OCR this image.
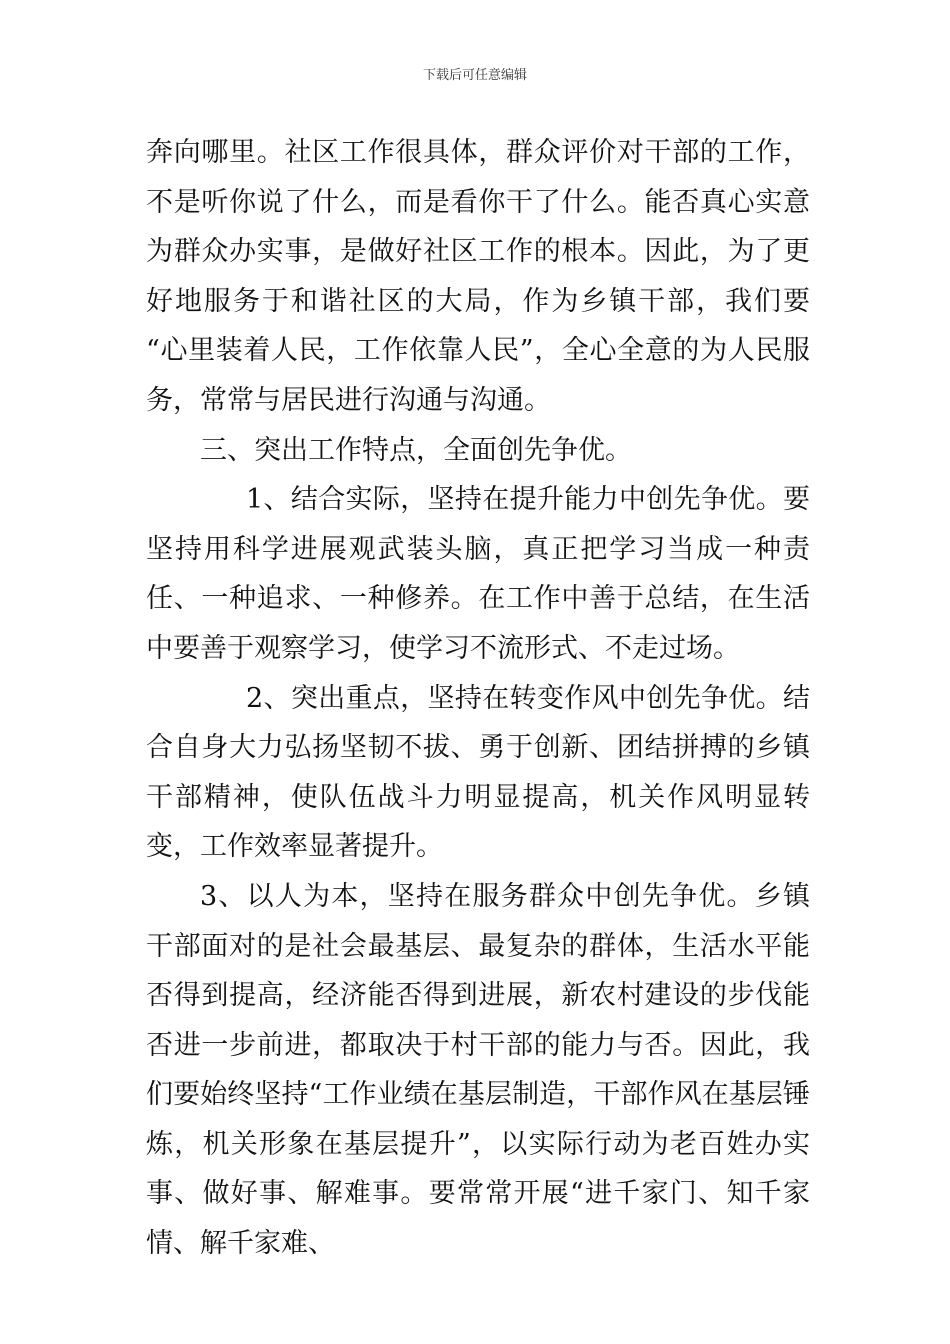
下载后可任意编辑

奔向哪里。社区工作很具体，群众评价对干部的工作，不是听你说了什么，而是看你干了什么。能否真心实意为群众办实事，是做好社区工作的根本。因此，为了更好地服务于和谐社区的大局，作为乡镇干部，我们要 “心里装着人民，工作依靠人民”，全心全意的为人民服务，常常与居民进行沟通与沟通。

三、突出工作特点，全面创先争优。

1、结合实际，坚持在提升能力中创先争优。要坚持用科学进展观武装头脑，真正把学习当成一种责任、一种追求、一种修养。在工作中善于总结，在生活中要善于观察学习，使学习不流形式、不走过场。

2、突出重点，坚持在转变作风中创先争优。结合自身大力弘扬坚韧不拔、勇于创新、团结拼搏的乡镇干部精神，使队伍战斗力明显提高，机关作风明显转变，工作效率显著提升。

3、以人为本，坚持在服务群众中创先争优。乡镇干部面对的是社会最基层、最复杂的群体，生活水平能否得到提高，经济能否得到进展，新农村建设的步伐能否进一步前进，都取决于村干部的能力与否。因此，我们要始终坚持“工作业绩在基层制造，干部作风在基层锤炼，机关形象在基层提升”，以实际行动为老百姓办实事、做好事、解难事。要常常开展“进千家门、知千家情、解千家难、
